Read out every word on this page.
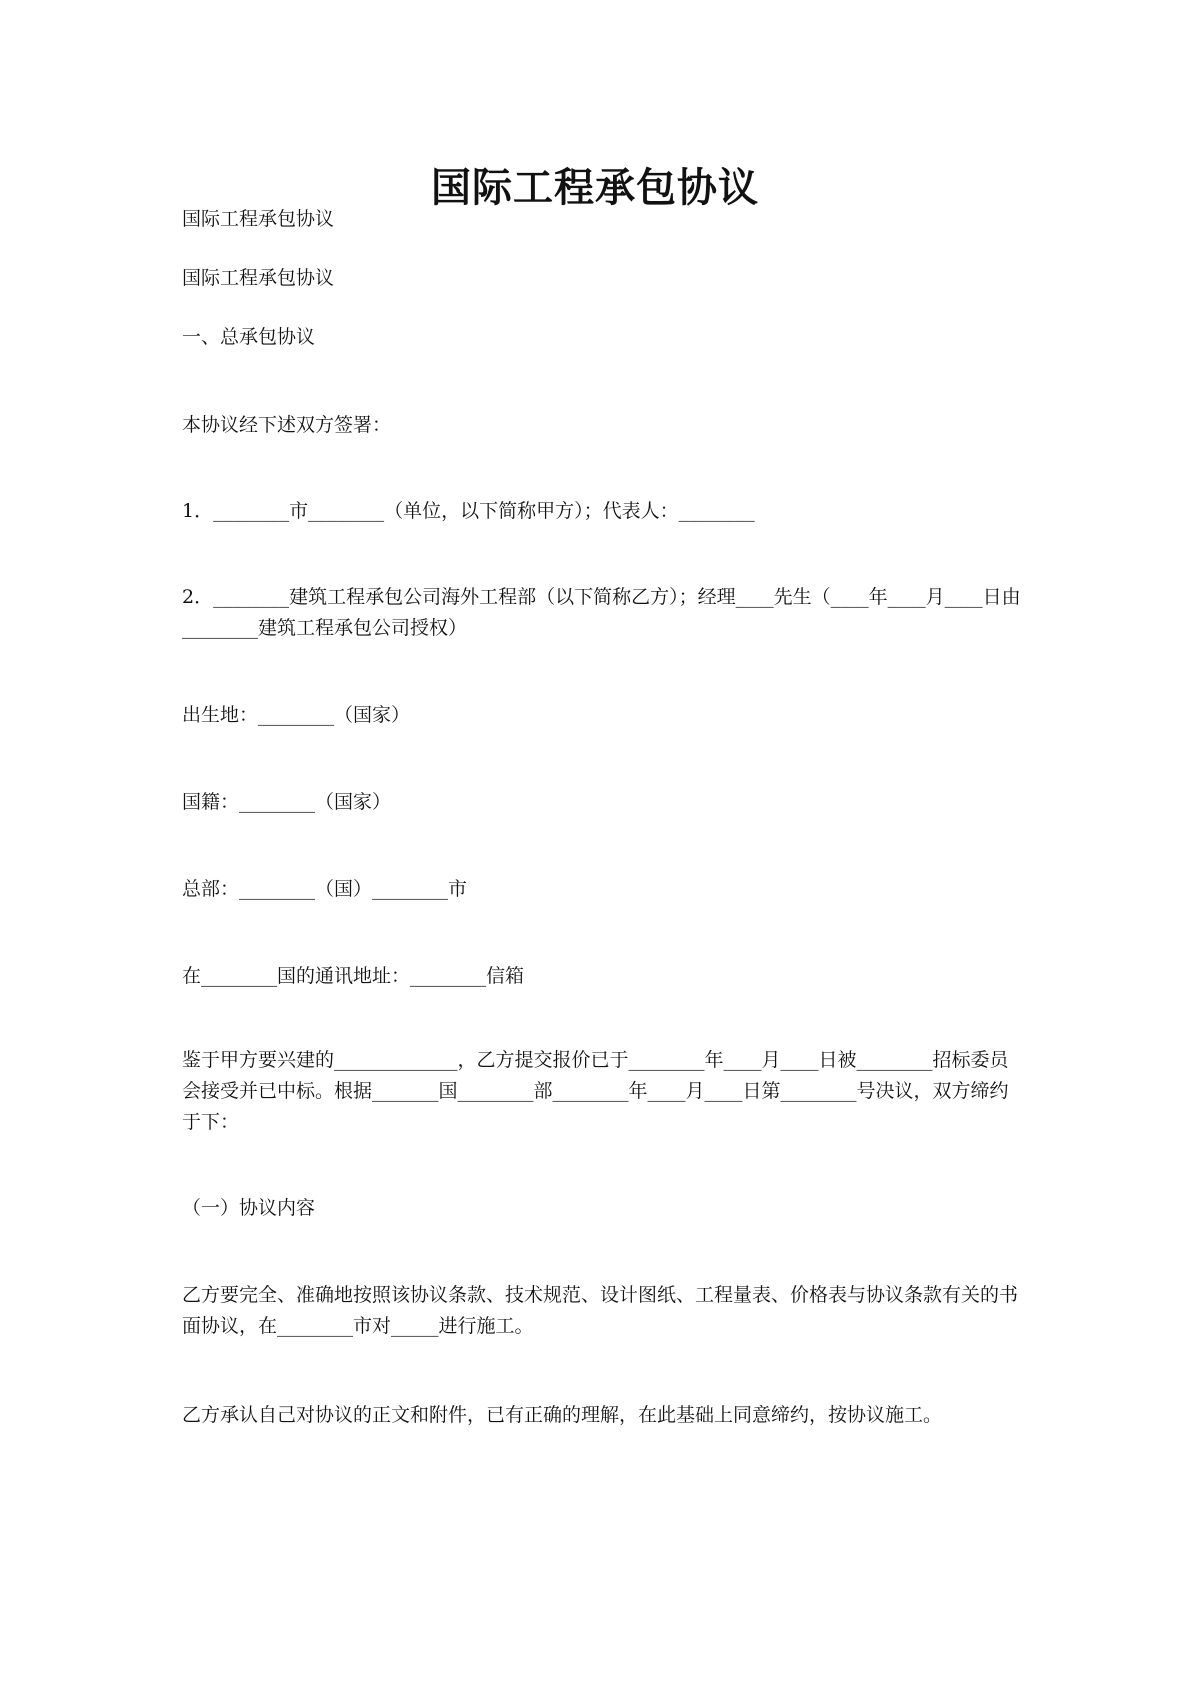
国际工程承包协议
国际工程承包协议
国际工程承包协议
一、总承包协议
本协议经下述双方签署：
1．________市________（单位，以下简称甲方）；代表人：________
2．________建筑工程承包公司海外工程部（以下简称乙方）；经理____先生（____年____月____日由________建筑工程承包公司授权）
出生地：________（国家）
国籍：________（国家）
总部：________（国）________市
在________国的通讯地址：________信箱
鉴于甲方要兴建的_____________，乙方提交报价已于________年____月____日被________招标委员会接受并已中标。根据_______国________部________年____月____日第________号决议，双方缔约于下：
（一）协议内容
乙方要完全、准确地按照该协议条款、技术规范、设计图纸、工程量表、价格表与协议条款有关的书面协议，在________市对_____进行施工。
乙方承认自己对协议的正文和附件，已有正确的理解，在此基础上同意缔约，按协议施工。
